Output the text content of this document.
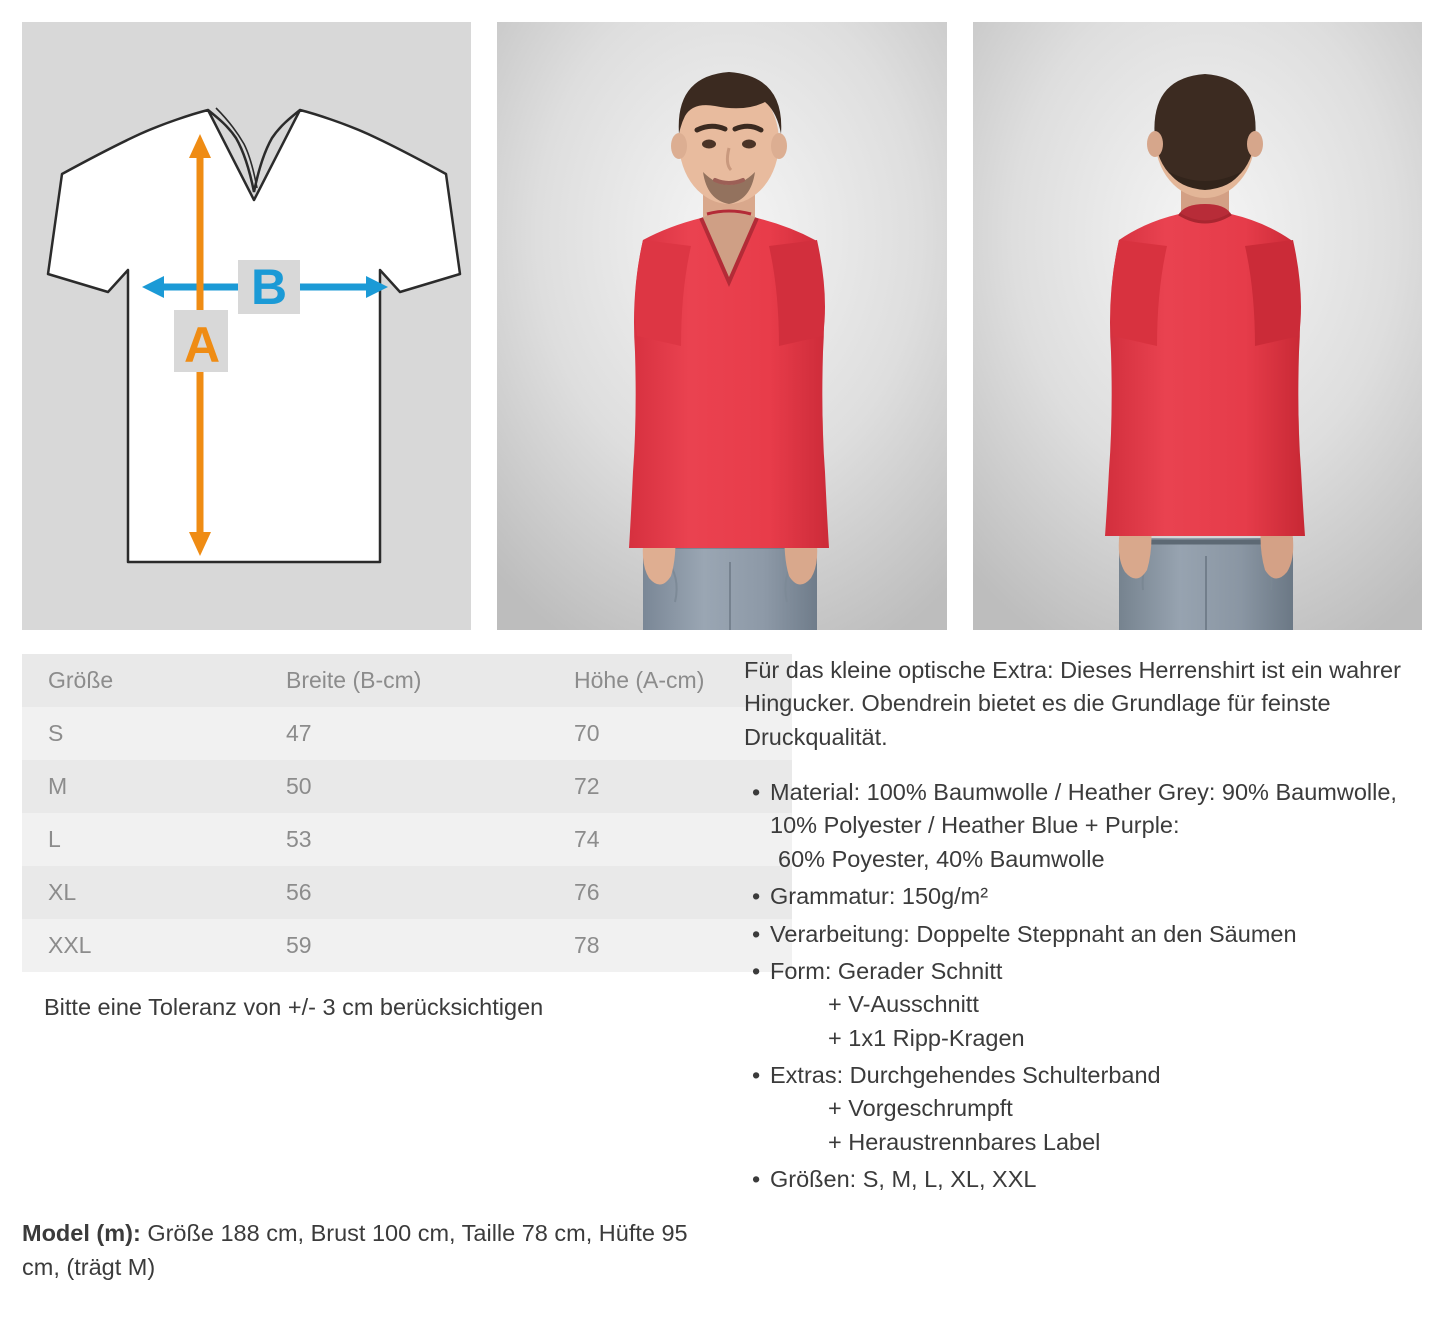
B
A
Größe	Breite (B-cm)	Höhe (A-cm)
S	47	70
M	50	72
L	53	74
XL	56	76
XXL	59	78
Bitte eine Toleranz von +/- 3 cm berücksichtigen

Für das kleine optische Extra: Dieses Herrenshirt ist ein wahrer Hingucker. Obendrein bietet es die Grundlage für feinste Druckqualität.

• Material: 100% Baumwolle / Heather Grey: 90% Baumwolle, 10% Polyester / Heather Blue + Purple:
60% Poyester, 40% Baumwolle
• Grammatur: 150g/m²
• Verarbeitung: Doppelte Steppnaht an den Säumen
• Form: Gerader Schnitt
+ V-Ausschnitt
+ 1x1 Ripp-Kragen
• Extras: Durchgehendes Schulterband
+ Vorgeschrumpft
+ Heraustrennbares Label
• Größen: S, M, L, XL, XXL
Model (m): Größe 188 cm, Brust 100 cm, Taille 78 cm, Hüfte 95 cm, (trägt M)
